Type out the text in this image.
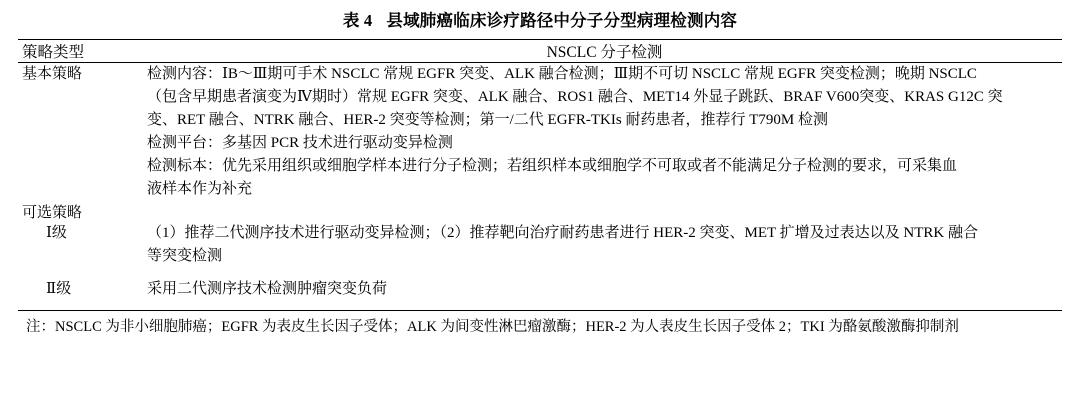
表 4 县域肺癌临床诊疗路径中分子分型病理检测内容
策略类型	NSCLC 分子检测
基本策略	检测内容：ⅠB～Ⅲ期可手术 NSCLC 常规 EGFR 突变、ALK 融合检测；Ⅲ期不可切 NSCLC 常规 EGFR 突变检测；晚期 NSCLC
（包含早期患者演变为Ⅳ期时）常规 EGFR 突变、ALK 融合、ROS1 融合、MET14 外显子跳跃、BRAF V600突变、KRAS G12C 突
变、RET 融合、NTRK 融合、HER-2 突变等检测；第一/二代 EGFR-TKIs 耐药患者，推荐行 T790M 检测
检测平台：多基因 PCR 技术进行驱动变异检测
检测标本：优先采用组织或细胞学样本进行分子检测；若组织样本或细胞学不可取或者不能满足分子检测的要求，可采集血
液样本作为补充

可选策略	
Ⅰ级	（1）推荐二代测序技术进行驱动变异检测；（2）推荐靶向治疗耐药患者进行 HER-2 突变、MET 扩增及过表达以及 NTRK 融合
等突变检测

Ⅱ级	采用二代测序技术检测肿瘤突变负荷

注：NSCLC 为非小细胞肺癌；EGFR 为表皮生长因子受体；ALK 为间变性淋巴瘤激酶；HER-2 为人表皮生长因子受体 2；TKI 为酪氨酸激酶抑制剂
